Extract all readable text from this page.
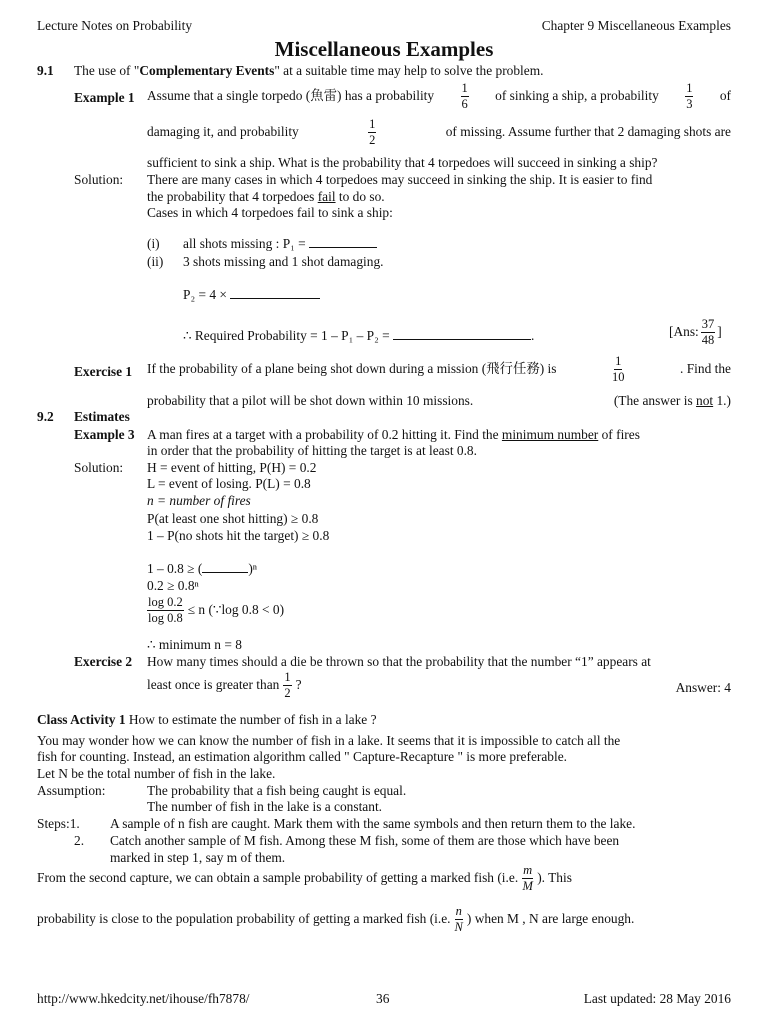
Lecture Notes on Probability	Chapter 9 Miscellaneous Examples
Miscellaneous Examples
9.1 The use of "Complementary Events" at a suitable time may help to solve the problem.
Example 1 Assume that a single torpedo (魚雷) has a probability $\frac{1}{6}$ of sinking a ship, a probability $\frac{1}{3}$ of
damaging it, and probability	$\frac{1}{2}$	of missing. Assume further that 2 damaging shots are
sufficient to sink a ship. What is the probability that 4 torpedoes will succeed in sinking a ship?
Solution: There are many cases in which 4 torpedoes may succeed in sinking the ship. It is easier to find
the probability that 4 torpedoes fail to do so.
Cases in which 4 torpedoes fail to sink a ship:
(i) all shots missing : P₁ =
(ii) 3 shots missing and 1 shot damaging.
P₂ = 4 ×
∴ Required Probability = 1 – P₁ – P₂ =	.	[Ans: $\frac{37}{48}$ ]
Exercise 1 If the probability of a plane being shot down during a mission (飛行任務) is	$\frac{1}{10}$	. Find the
probability that a pilot will be shot down within 10 missions.	(The answer is not 1.)
9.2 Estimates
Example 3 A man fires at a target with a probability of 0.2 hitting it. Find the minimum number of fires
in order that the probability of hitting the target is at least 0.8.
Solution: H = event of hitting, P(H) = 0.2
L = event of losing. P(L) = 0.8
n = number of fires
P(at least one shot hitting) ≥ 0.8
1 – P(no shots hit the target) ≥ 0.8
1 – 0.8 ≥ (	)ⁿ
0.2 ≥ 0.8ⁿ
$\frac{\log 0.2}{\log 0.8} \le n$ (∵log 0.8 < 0)
∴ minimum n = 8
Exercise 2 How many times should a die be thrown so that the probability that the number “1” appears at
least once is greater than $\frac{1}{2}$ ?	Answer: 4
Class Activity 1 How to estimate the number of fish in a lake ?
You may wonder how we can know the number of fish in a lake. It seems that it is impossible to catch all the
fish for counting. Instead, an estimation algorithm called " Capture-Recapture " is more preferable.
Let N be the total number of fish in the lake.
Assumption:	The probability that a fish being caught is equal.
The number of fish in the lake is a constant.
Steps:1. A sample of n fish are caught. Mark them with the same symbols and then return them to the lake.
2. Catch another sample of M fish. Among these M fish, some of them are those which have been
marked in step 1, say m of them.
From the second capture, we can obtain a sample probability of getting a marked fish (i.e. $\frac{m}{M}$ ). This
probability is close to the population probability of getting a marked fish (i.e. $\frac{n}{N}$ ) when M , N are large enough.
http://www.hkedcity.net/ihouse/fh7878/	36	Last updated: 28 May 2016
